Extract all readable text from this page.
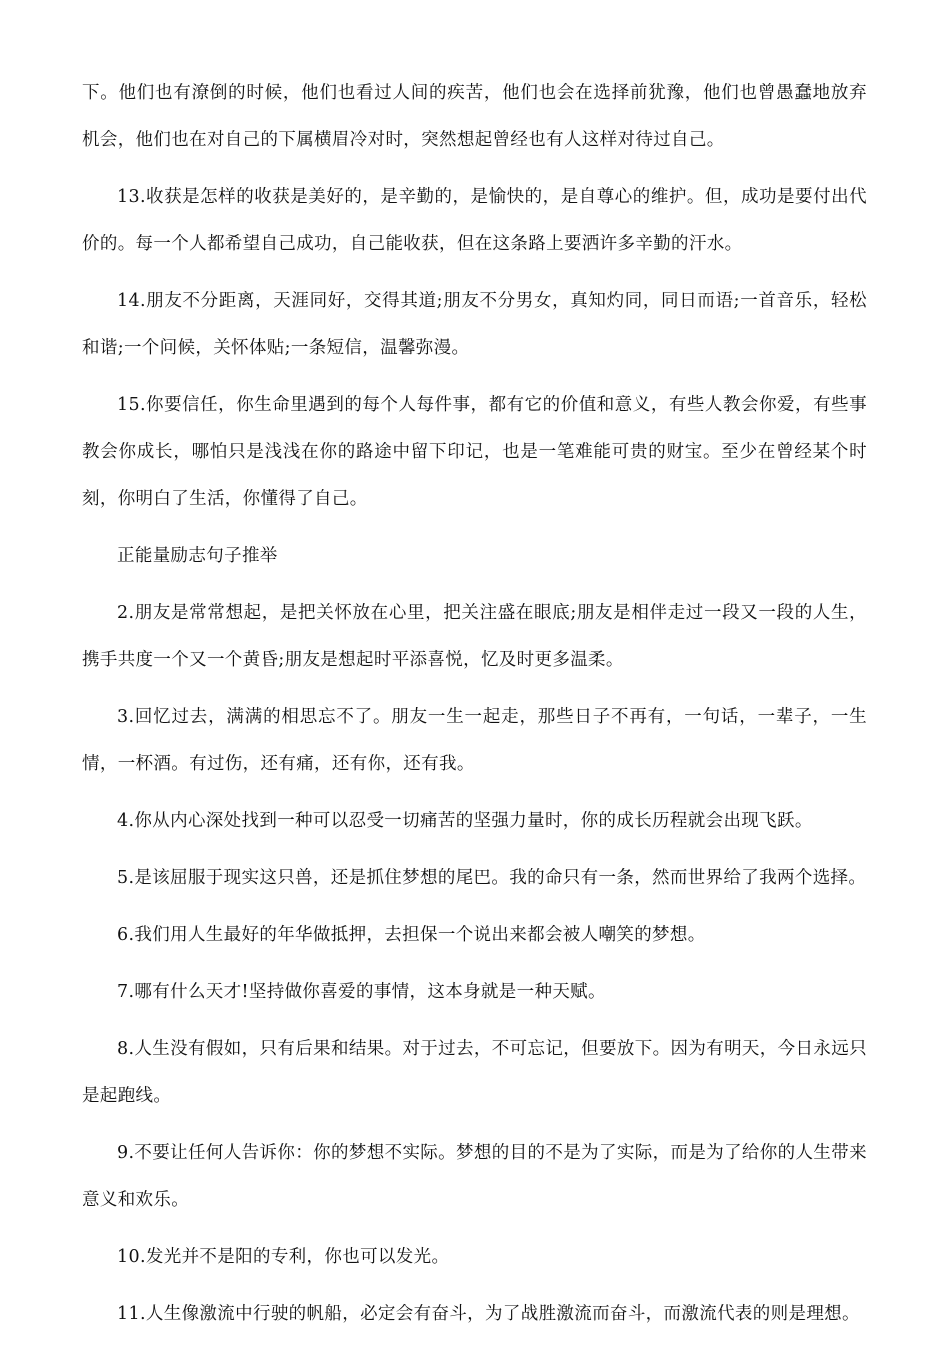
下。他们也有潦倒的时候，他们也看过人间的疾苦，他们也会在选择前犹豫，他们也曾愚蠢地放弃机会，他们也在对自己的下属横眉冷对时，突然想起曾经也有人这样对待过自己。

13.收获是怎样的收获是美好的，是辛勤的，是愉快的，是自尊心的维护。但，成功是要付出代价的。每一个人都希望自己成功，自己能收获，但在这条路上要洒许多辛勤的汗水。

14.朋友不分距离，天涯同好，交得其道;朋友不分男女，真知灼同，同日而语;一首音乐，轻松和谐;一个问候，关怀体贴;一条短信，温馨弥漫。

15.你要信任，你生命里遇到的每个人每件事，都有它的价值和意义，有些人教会你爱，有些事教会你成长，哪怕只是浅浅在你的路途中留下印记，也是一笔难能可贵的财宝。至少在曾经某个时刻，你明白了生活，你懂得了自己。

正能量励志句子推举

2.朋友是常常想起，是把关怀放在心里，把关注盛在眼底;朋友是相伴走过一段又一段的人生，携手共度一个又一个黄昏;朋友是想起时平添喜悦，忆及时更多温柔。

3.回忆过去，满满的相思忘不了。朋友一生一起走，那些日子不再有，一句话，一辈子，一生情，一杯酒。有过伤，还有痛，还有你，还有我。

4.你从内心深处找到一种可以忍受一切痛苦的坚强力量时，你的成长历程就会出现飞跃。

5.是该屈服于现实这只兽，还是抓住梦想的尾巴。我的命只有一条，然而世界给了我两个选择。

6.我们用人生最好的年华做抵押，去担保一个说出来都会被人嘲笑的梦想。

7.哪有什么天才!坚持做你喜爱的事情，这本身就是一种天赋。

8.人生没有假如，只有后果和结果。对于过去，不可忘记，但要放下。因为有明天，今日永远只是起跑线。

9.不要让任何人告诉你：你的梦想不实际。梦想的目的不是为了实际，而是为了给你的人生带来意义和欢乐。

10.发光并不是阳的专利，你也可以发光。

11.人生像激流中行驶的帆船，必定会有奋斗，为了战胜激流而奋斗，而激流代表的则是理想。
